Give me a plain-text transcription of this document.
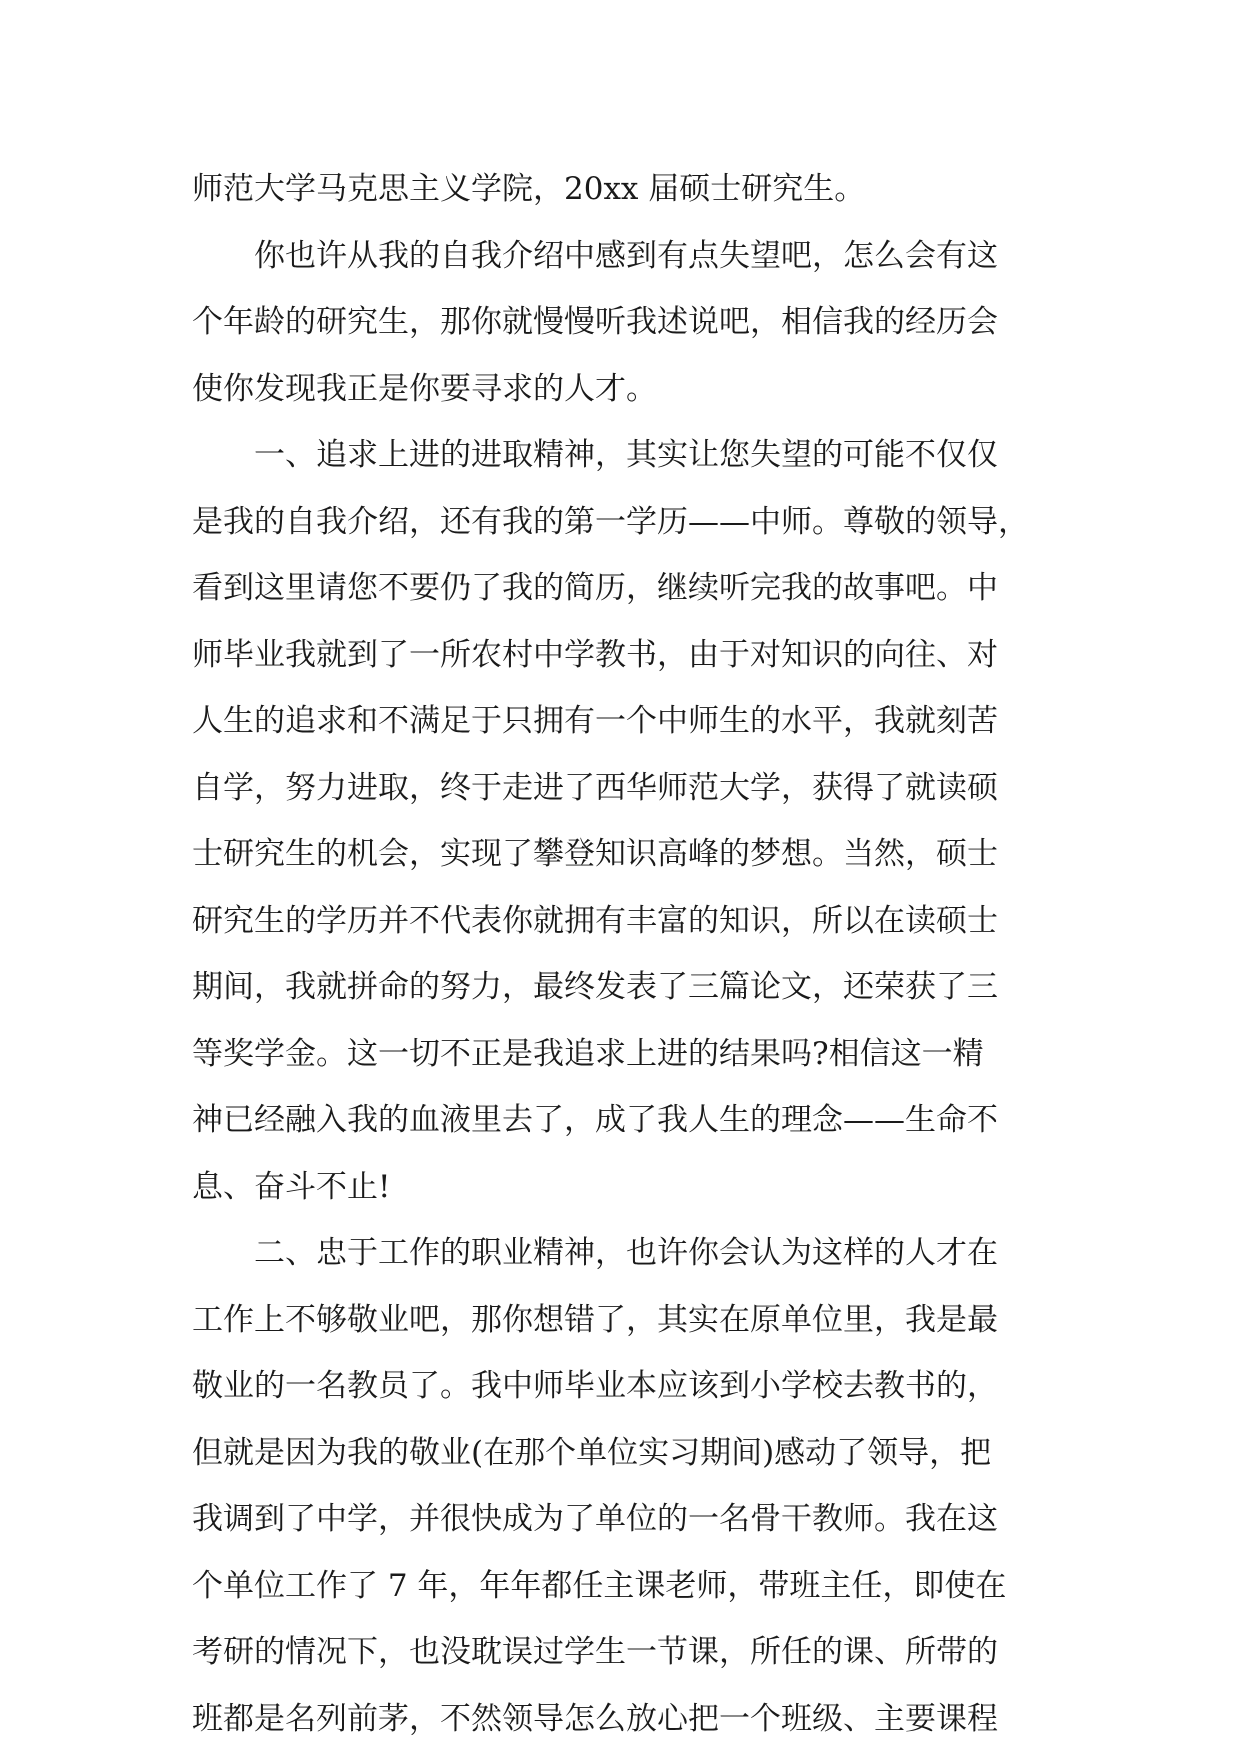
师范大学马克思主义学院，20xx 届硕士研究生。
你也许从我的自我介绍中感到有点失望吧，怎么会有这
个年龄的研究生，那你就慢慢听我述说吧，相信我的经历会
使你发现我正是你要寻求的人才。
一、追求上进的进取精神，其实让您失望的可能不仅仅
是我的自我介绍，还有我的第一学历——中师。尊敬的领导，
看到这里请您不要仍了我的简历，继续听完我的故事吧。中
师毕业我就到了一所农村中学教书，由于对知识的向往、对
人生的追求和不满足于只拥有一个中师生的水平，我就刻苦
自学，努力进取，终于走进了西华师范大学，获得了就读硕
士研究生的机会，实现了攀登知识高峰的梦想。当然，硕士
研究生的学历并不代表你就拥有丰富的知识，所以在读硕士
期间，我就拼命的努力，最终发表了三篇论文，还荣获了三
等奖学金。这一切不正是我追求上进的结果吗?相信这一精
神已经融入我的血液里去了，成了我人生的理念——生命不
息、奋斗不止!
二、忠于工作的职业精神，也许你会认为这样的人才在
工作上不够敬业吧，那你想错了，其实在原单位里，我是最
敬业的一名教员了。我中师毕业本应该到小学校去教书的，
但就是因为我的敬业(在那个单位实习期间)感动了领导，把
我调到了中学，并很快成为了单位的一名骨干教师。我在这
个单位工作了 7 年，年年都任主课老师，带班主任，即使在
考研的情况下，也没耽误过学生一节课，所任的课、所带的
班都是名列前茅，不然领导怎么放心把一个班级、主要课程
